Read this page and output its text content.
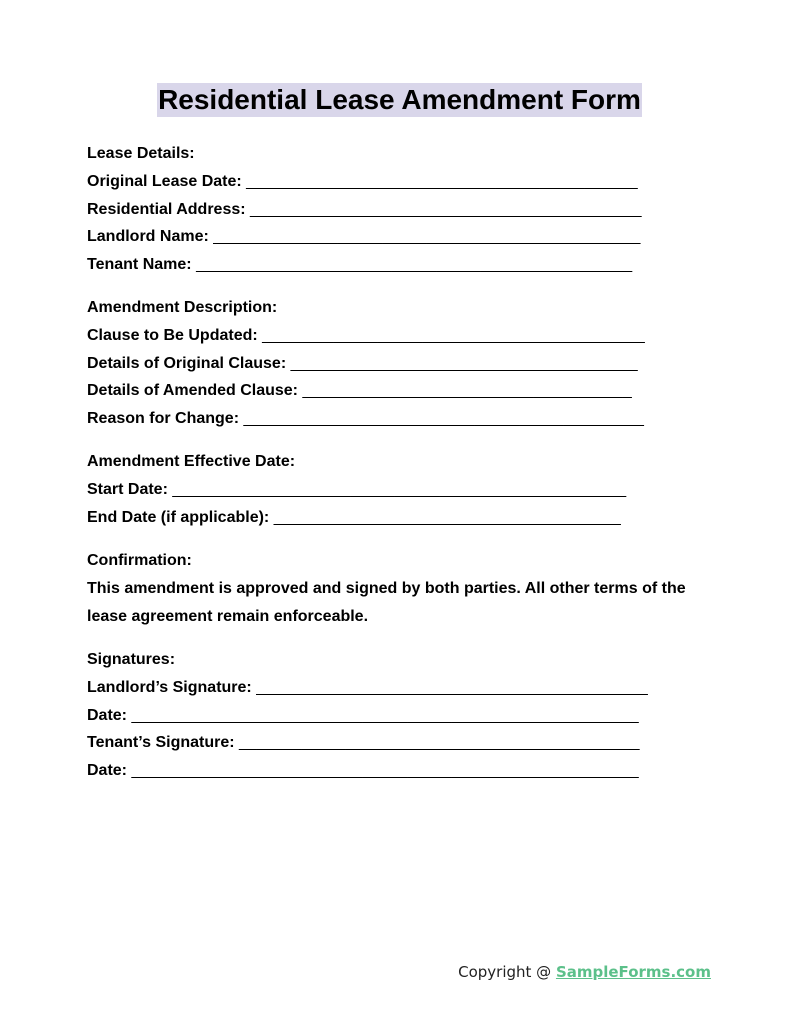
Residential Lease Amendment Form

Lease Details:

Original Lease Date: ____________________________________________

Residential Address: ____________________________________________

Landlord Name: ________________________________________________

Tenant Name: _________________________________________________

Amendment Description:

Clause to Be Updated: ___________________________________________

Details of Original Clause: _______________________________________

Details of Amended Clause: _____________________________________

Reason for Change: _____________________________________________

Amendment Effective Date:

Start Date: ___________________________________________________

End Date (if applicable): _______________________________________

Confirmation:

This amendment is approved and signed by both parties. All other terms of the lease agreement remain enforceable.

Signatures:

Landlord’s Signature: ____________________________________________

Date: _________________________________________________________

Tenant’s Signature: _____________________________________________

Date: _________________________________________________________

Copyright @ SampleForms.com
